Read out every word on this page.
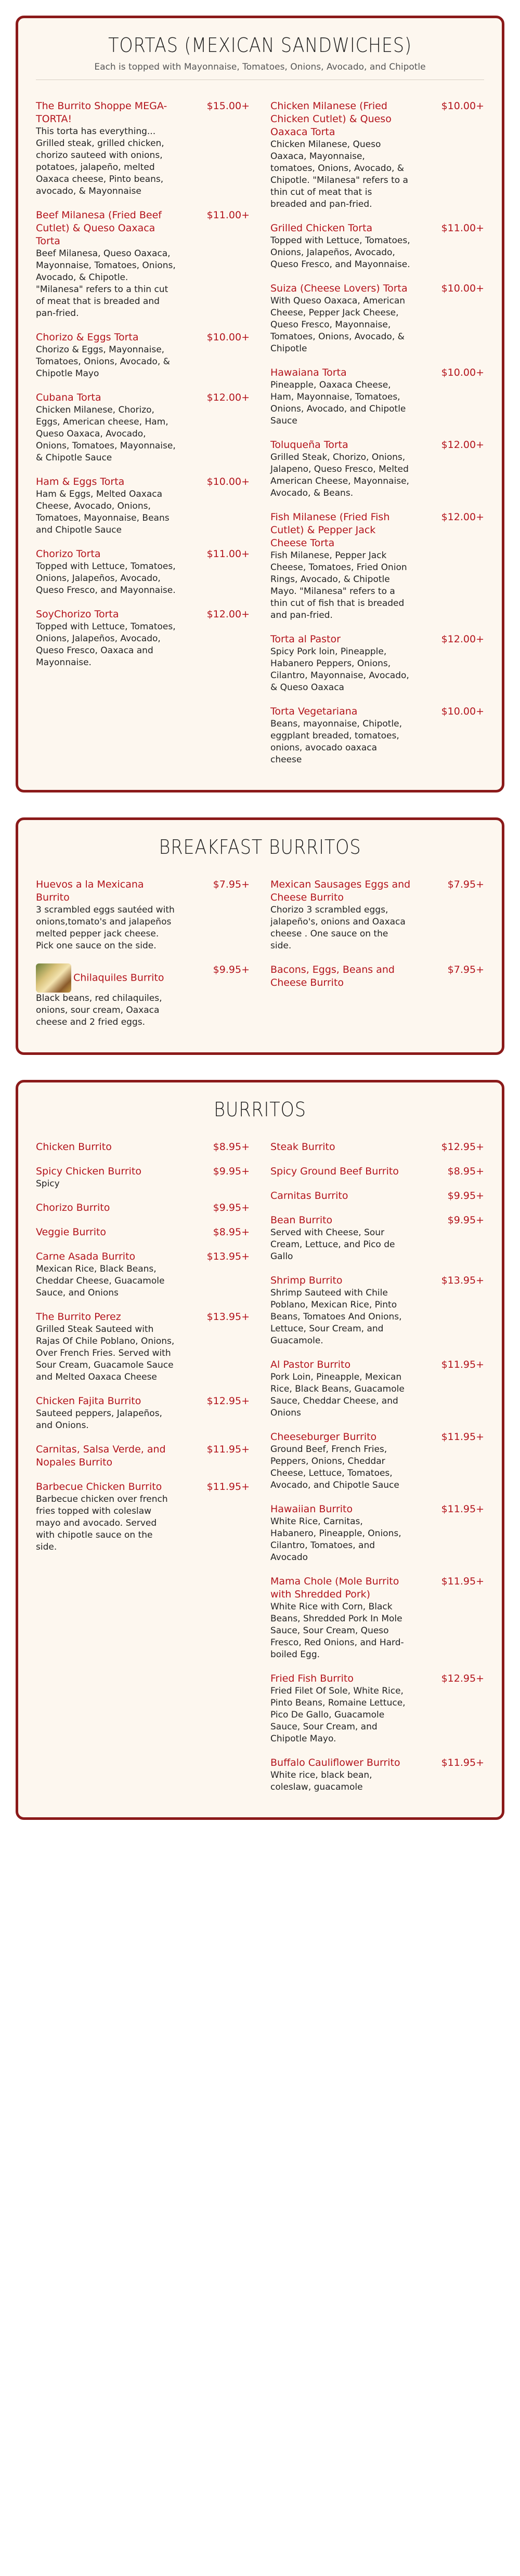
TORTAS (MEXICAN SANDWICHES)
Each is topped with Mayonnaise, Tomatoes, Onions, Avocado, and Chipotle
The Burrito Shoppe MEGA-TORTA!
$15.00+
This torta has everything... Grilled steak, grilled chicken, chorizo sauteed with onions, potatoes, jalapeño, melted Oaxaca cheese, Pinto beans, avocado, & Mayonnaise
Beef Milanesa (Fried Beef Cutlet) & Queso Oaxaca Torta
$11.00+
Beef Milanesa, Queso Oaxaca, Mayonnaise, Tomatoes, Onions, Avocado, & Chipotle. "Milanesa" refers to a thin cut of meat that is breaded and pan-fried.
Chorizo & Eggs Torta	$10.00+
Chorizo & Eggs, Mayonnaise, Tomatoes, Onions, Avocado, & Chipotle Mayo
Cubana Torta	$12.00+
Chicken Milanese, Chorizo, Eggs, American cheese, Ham, Queso Oaxaca, Avocado, Onions, Tomatoes, Mayonnaise, & Chipotle Sauce
Ham & Eggs Torta	$10.00+
Ham & Eggs, Melted Oaxaca Cheese, Avocado, Onions, Tomatoes, Mayonnaise, Beans and Chipotle Sauce
Chorizo Torta	$11.00+
Topped with Lettuce, Tomatoes, Onions, Jalapeños, Avocado, Queso Fresco, and Mayonnaise.
SoyChorizo Torta	$12.00+
Topped with Lettuce, Tomatoes, Onions, Jalapeños, Avocado, Queso Fresco, Oaxaca and Mayonnaise.
Chicken Milanese (Fried Chicken Cutlet) & Queso Oaxaca Torta
$10.00+
Chicken Milanese, Queso Oaxaca, Mayonnaise, tomatoes, Onions, Avocado, & Chipotle. "Milanesa" refers to a thin cut of meat that is breaded and pan-fried.
Grilled Chicken Torta	$11.00+
Topped with Lettuce, Tomatoes, Onions, Jalapeños, Avocado, Queso Fresco, and Mayonnaise.
Suiza (Cheese Lovers) Torta	$10.00+
With Queso Oaxaca, American Cheese, Pepper Jack Cheese, Queso Fresco, Mayonnaise, Tomatoes, Onions, Avocado, & Chipotle
Hawaiana Torta	$10.00+
Pineapple, Oaxaca Cheese, Ham, Mayonnaise, Tomatoes, Onions, Avocado, and Chipotle Sauce
Toluqueña Torta	$12.00+
Grilled Steak, Chorizo, Onions, Jalapeno, Queso Fresco, Melted American Cheese, Mayonnaise, Avocado, & Beans.
Fish Milanese (Fried Fish Cutlet) & Pepper Jack Cheese Torta
$12.00+
Fish Milanese, Pepper Jack Cheese, Tomatoes, Fried Onion Rings, Avocado, & Chipotle Mayo. "Milanesa" refers to a thin cut of fish that is breaded and pan-fried.
Torta al Pastor	$12.00+
Spicy Pork loin, Pineapple, Habanero Peppers, Onions, Cilantro, Mayonnaise, Avocado, & Queso Oaxaca
Torta Vegetariana	$10.00+
Beans, mayonnaise, Chipotle, eggplant breaded, tomatoes, onions, avocado oaxaca cheese
BREAKFAST BURRITOS
Huevos a la Mexicana Burrito
$7.95+
3 scrambled eggs sautéed with onions,tomato's and jalapeños melted pepper jack cheese. Pick one sauce on the side.
Chilaquiles Burrito
$9.95+
Black beans, red chilaquiles, onions, sour cream, Oaxaca cheese and 2 fried eggs.
Mexican Sausages Eggs and Cheese Burrito
$7.95+
Chorizo 3 scrambled eggs, jalapeño's, onions and Oaxaca cheese . One sauce on the side.
Bacons, Eggs, Beans and Cheese Burrito
$7.95+
BURRITOS
Chicken Burrito	$8.95+
Spicy Chicken Burrito	$9.95+
Spicy
Chorizo Burrito	$9.95+
Veggie Burrito	$8.95+
Carne Asada Burrito	$13.95+
Mexican Rice, Black Beans, Cheddar Cheese, Guacamole Sauce, and Onions
The Burrito Perez	$13.95+
Grilled Steak Sauteed with Rajas Of Chile Poblano, Onions, Over French Fries. Served with Sour Cream, Guacamole Sauce and Melted Oaxaca Cheese
Chicken Fajita Burrito	$12.95+
Sauteed peppers, Jalapeños, and Onions.
Carnitas, Salsa Verde, and Nopales Burrito
$11.95+
Barbecue Chicken Burrito	$11.95+
Barbecue chicken over french fries topped with coleslaw mayo and avocado. Served with chipotle sauce on the side.
Steak Burrito	$12.95+
Spicy Ground Beef Burrito	$8.95+
Carnitas Burrito	$9.95+
Bean Burrito	$9.95+
Served with Cheese, Sour Cream, Lettuce, and Pico de Gallo
Shrimp Burrito	$13.95+
Shrimp Sauteed with Chile Poblano, Mexican Rice, Pinto Beans, Tomatoes And Onions, Lettuce, Sour Cream, and Guacamole.
Al Pastor Burrito	$11.95+
Pork Loin, Pineapple, Mexican Rice, Black Beans, Guacamole Sauce, Cheddar Cheese, and Onions
Cheeseburger Burrito	$11.95+
Ground Beef, French Fries, Peppers, Onions, Cheddar Cheese, Lettuce, Tomatoes, Avocado, and Chipotle Sauce
Hawaiian Burrito	$11.95+
White Rice, Carnitas, Habanero, Pineapple, Onions, Cilantro, Tomatoes, and Avocado
Mama Chole (Mole Burrito with Shredded Pork)
$11.95+
White Rice with Corn, Black Beans, Shredded Pork In Mole Sauce, Sour Cream, Queso Fresco, Red Onions, and Hard-boiled Egg.
Fried Fish Burrito	$12.95+
Fried Filet Of Sole, White Rice, Pinto Beans, Romaine Lettuce, Pico De Gallo, Guacamole Sauce, Sour Cream, and Chipotle Mayo.
Buffalo Cauliflower Burrito	$11.95+
White rice, black bean, coleslaw, guacamole
